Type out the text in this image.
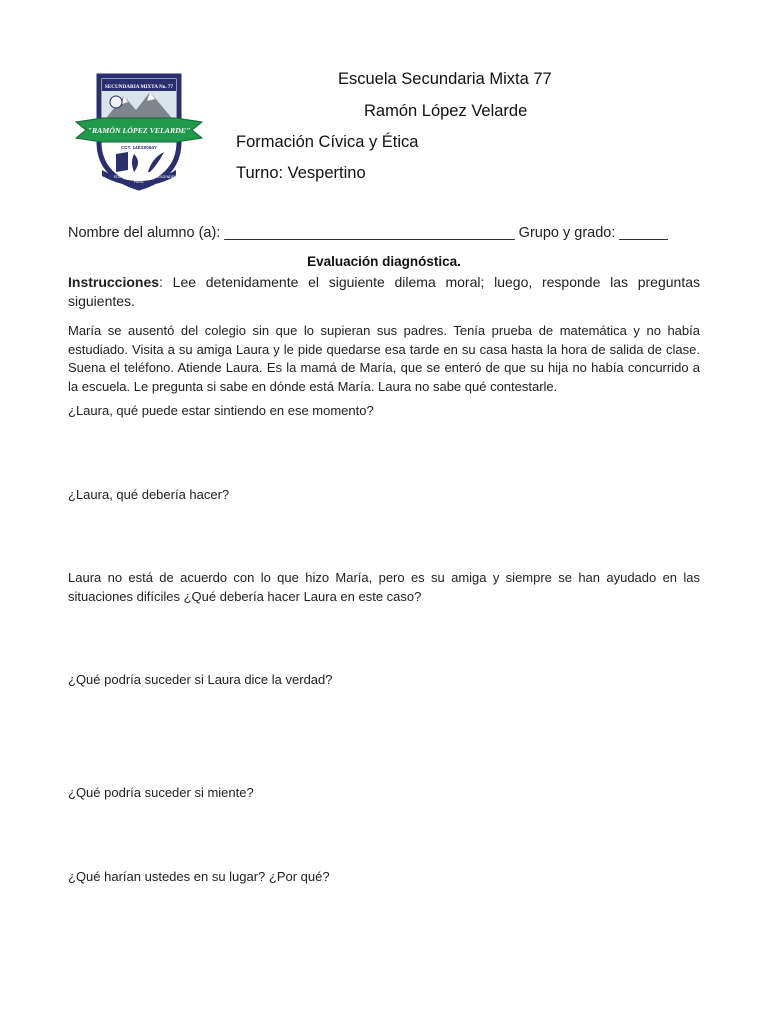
SECUNDARIA MIXTA No. 77
"RAMÓN LÓPEZ VELARDE"
CCT. 14ES0064Y
EDUCAR
PARA
TRASCENDER
Escuela Secundaria Mixta 77
Ramón López Velarde
Formación Cívica y Ética
Turno: Vespertino
Nombre del alumno (a): ____________________________________ Grupo y grado: ______
Evaluación diagnóstica.
Instrucciones: Lee detenidamente el siguiente dilema moral; luego, responde las preguntas siguientes.
María se ausentó del colegio sin que lo supieran sus padres. Tenía prueba de matemática y no había estudiado. Visita a su amiga Laura y le pide quedarse esa tarde en su casa hasta la hora de salida de clase. Suena el teléfono. Atiende Laura. Es la mamá de María, que se enteró de que su hija no había concurrido a la escuela. Le pregunta si sabe en dónde está María. Laura no sabe qué contestarle.
¿Laura, qué puede estar sintiendo en ese momento?
¿Laura, qué debería hacer?
Laura no está de acuerdo con lo que hizo María, pero es su amiga y siempre se han ayudado en las situaciones difíciles ¿Qué debería hacer Laura en este caso?
¿Qué podría suceder si Laura dice la verdad?
¿Qué podría suceder si miente?
¿Qué harían ustedes en su lugar? ¿Por qué?
